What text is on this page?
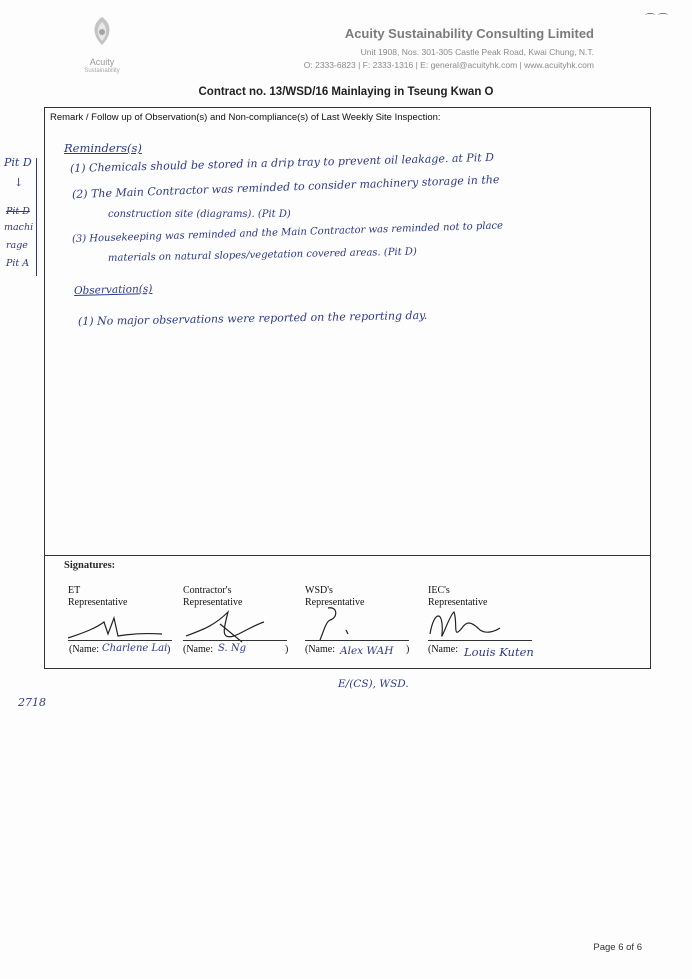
Acuity
Sustainability
Acuity Sustainability Consulting Limited
Unit 1908, Nos. 301-305 Castle Peak Road, Kwai Chung, N.T.
O: 2333-6823 | F: 2333-1316 | E: general@acuityhk.com | www.acuityhk.com
⌒ ⌒
Contract no. 13/WSD/16 Mainlaying in Tseung Kwan O
Remark / Follow up of Observation(s) and Non-compliance(s) of Last Weekly Site Inspection:
Reminders(s)
(1) Chemicals should be stored in a drip tray to prevent oil leakage. at Pit D
(2) The Main Contractor was reminded to consider machinery storage in the
construction site (diagrams). (Pit D)
(3) Housekeeping was reminded and the Main Contractor was reminded not to place
materials on natural slopes/vegetation covered areas. (Pit D)
Observation(s)
(1) No major observations were reported on the reporting day.
Pit D
↓
Pit D
machi
rage
Pit A
Signatures:
ET
Representative
(Name: Charlene Lai )
Contractor's
Representative
(Name: S. Ng	)
WSD's
Representative
(Name: Alex WAH )
IEC's
Representative
(Name: Louis Kuten
2718
E/(CS), WSD.
Page 6 of 6
